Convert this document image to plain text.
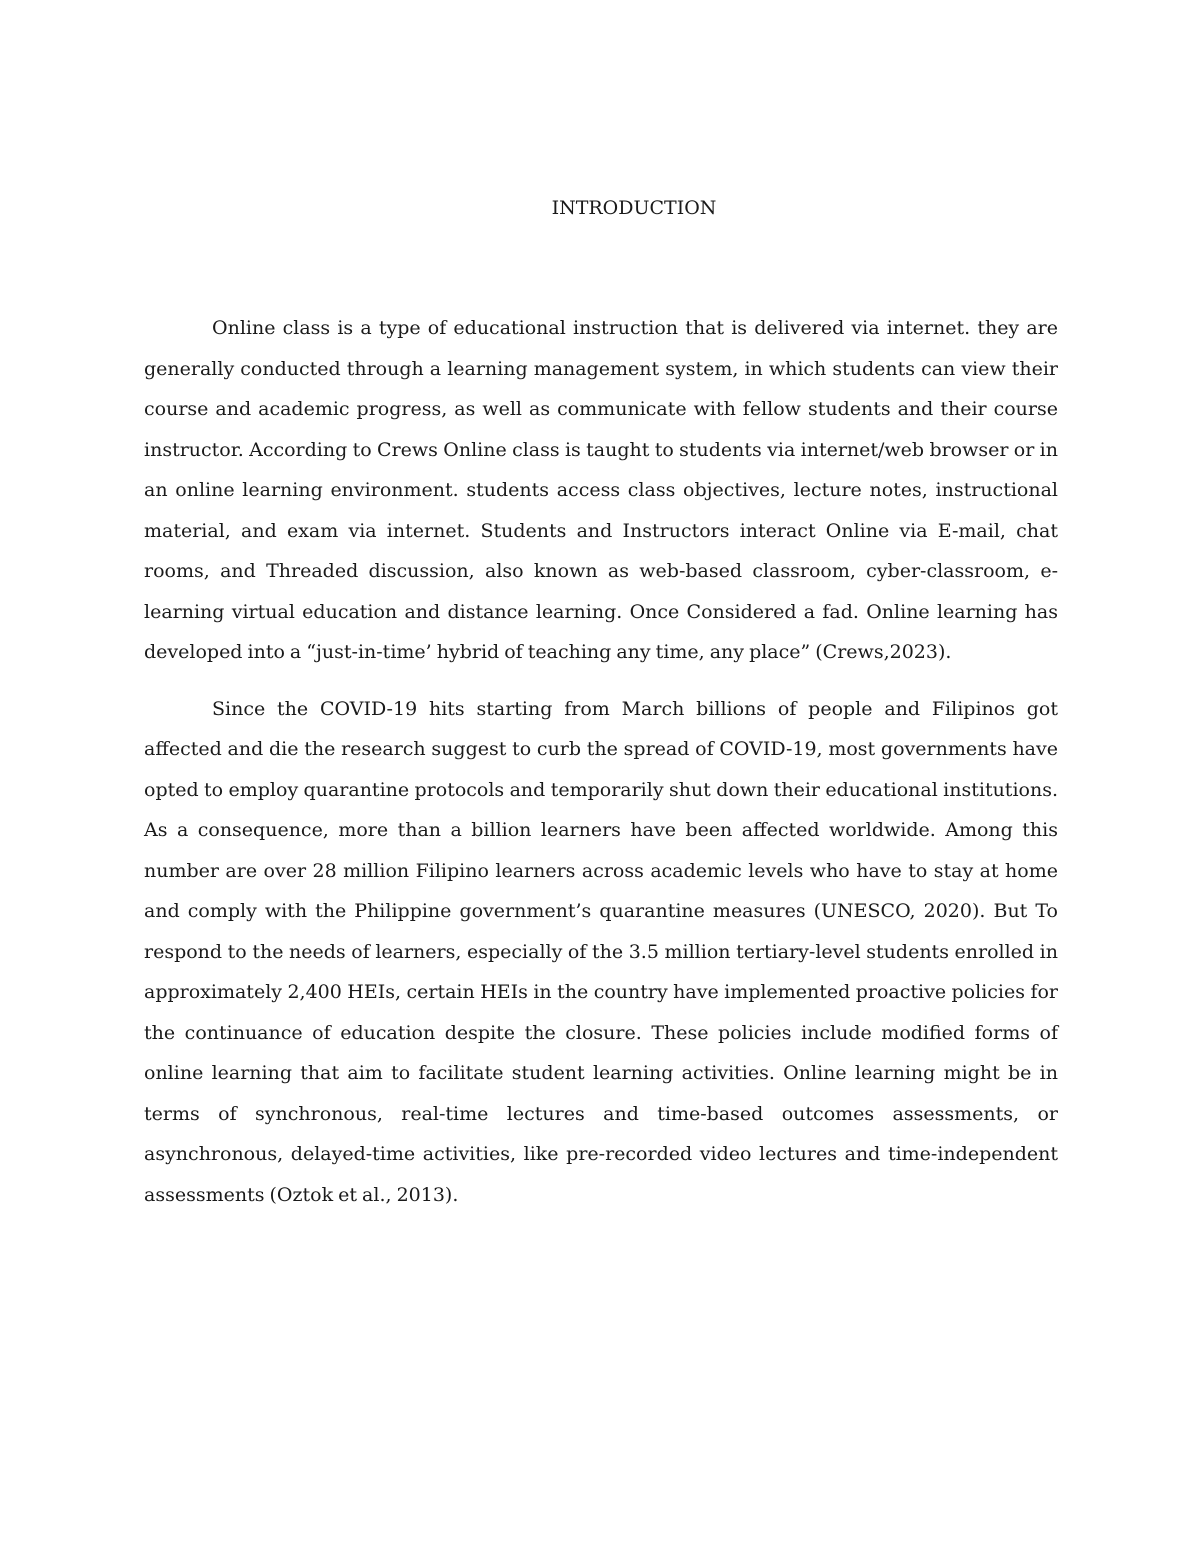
INTRODUCTION

Online class is a type of educational instruction that is delivered via internet. they are generally conducted through a learning management system, in which students can view their course and academic progress, as well as communicate with fellow students and their course instructor. According to Crews Online class is taught to students via internet/web browser or in an online learning environment. students access class objectives, lecture notes, instructional material, and exam via internet. Students and Instructors interact Online via E-mail, chat rooms, and Threaded discussion, also known as web-based classroom, cyber-classroom, e-learning virtual education and distance learning. Once Considered a fad. Online learning has developed into a “just-in-time’ hybrid of teaching any time, any place” (Crews,2023).

Since the COVID-19 hits starting from March billions of people and Filipinos got affected and die the research suggest to curb the spread of COVID-19, most governments have opted to employ quarantine protocols and temporarily shut down their educational institutions. As a consequence, more than a billion learners have been affected worldwide. Among this number are over 28 million Filipino learners across academic levels who have to stay at home and comply with the Philippine government’s quarantine measures (UNESCO, 2020). But To respond to the needs of learners, especially of the 3.5 million tertiary-level students enrolled in approximately 2,400 HEIs, certain HEIs in the country have implemented proactive policies for the continuance of education despite the closure. These policies include modified forms of online learning that aim to facilitate student learning activities. Online learning might be in terms of synchronous, real-time lectures and time-based outcomes assessments, or asynchronous, delayed-time activities, like pre-recorded video lectures and time-independent assessments (Oztok et al., 2013).
